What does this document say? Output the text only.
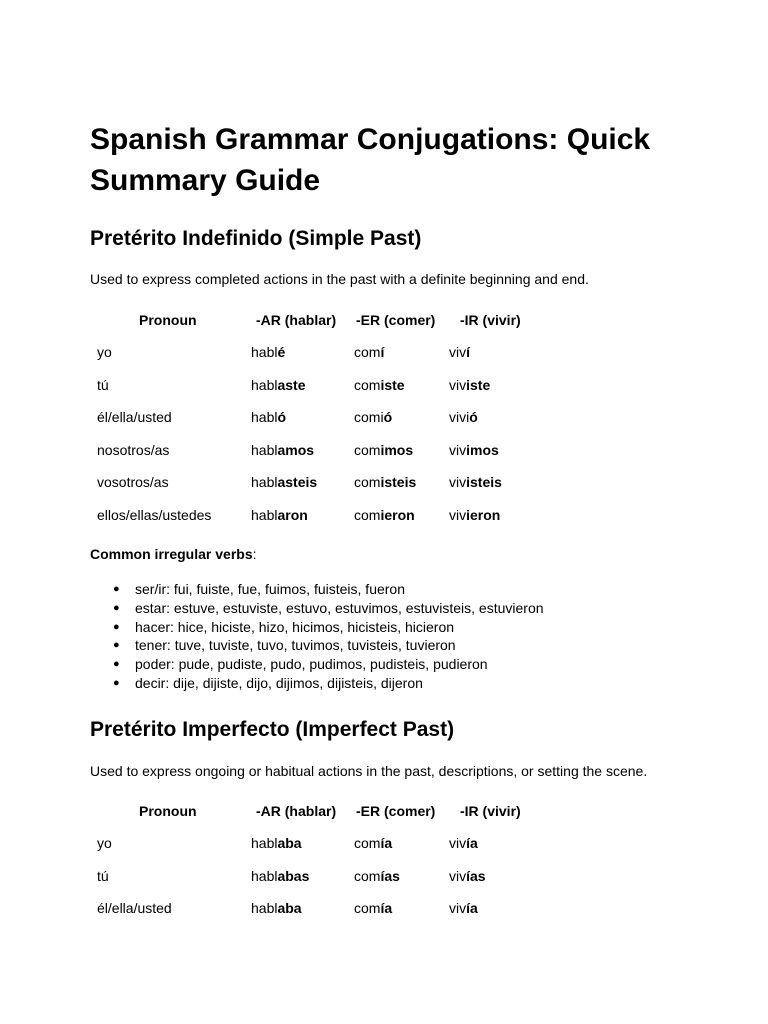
Spanish Grammar Conjugations: Quick Summary Guide
Pretérito Indefinido (Simple Past)

Used to express completed actions in the past with a definite beginning and end.

Pronoun	-AR (hablar) -ER (comer) -IR (vivir)
yo	hablé	comí	viví
tú	hablaste	comiste	viviste
él/ella/usted	habló	comió	vivió
nosotros/as	hablamos	comimos	vivimos
vosotros/as	hablasteis	comisteis vivisteis
ellos/ellas/ustedes	hablaron	comieron vivieron
Common irregular verbs:
● ser/ir: fui, fuiste, fue, fuimos, fuisteis, fueron
● estar: estuve, estuviste, estuvo, estuvimos, estuvisteis, estuvieron
● hacer: hice, hiciste, hizo, hicimos, hicisteis, hicieron
● tener: tuve, tuviste, tuvo, tuvimos, tuvisteis, tuvieron
● poder: pude, pudiste, pudo, pudimos, pudisteis, pudieron
● decir: dije, dijiste, dijo, dijimos, dijisteis, dijeron
Pretérito Imperfecto (Imperfect Past)

Used to express ongoing or habitual actions in the past, descriptions, or setting the scene.

Pronoun	-AR (hablar) -ER (comer) -IR (vivir)
yo	hablaba	comía	vivía
tú	hablabas	comías	vivías
él/ella/usted	hablaba	comía	vivía
